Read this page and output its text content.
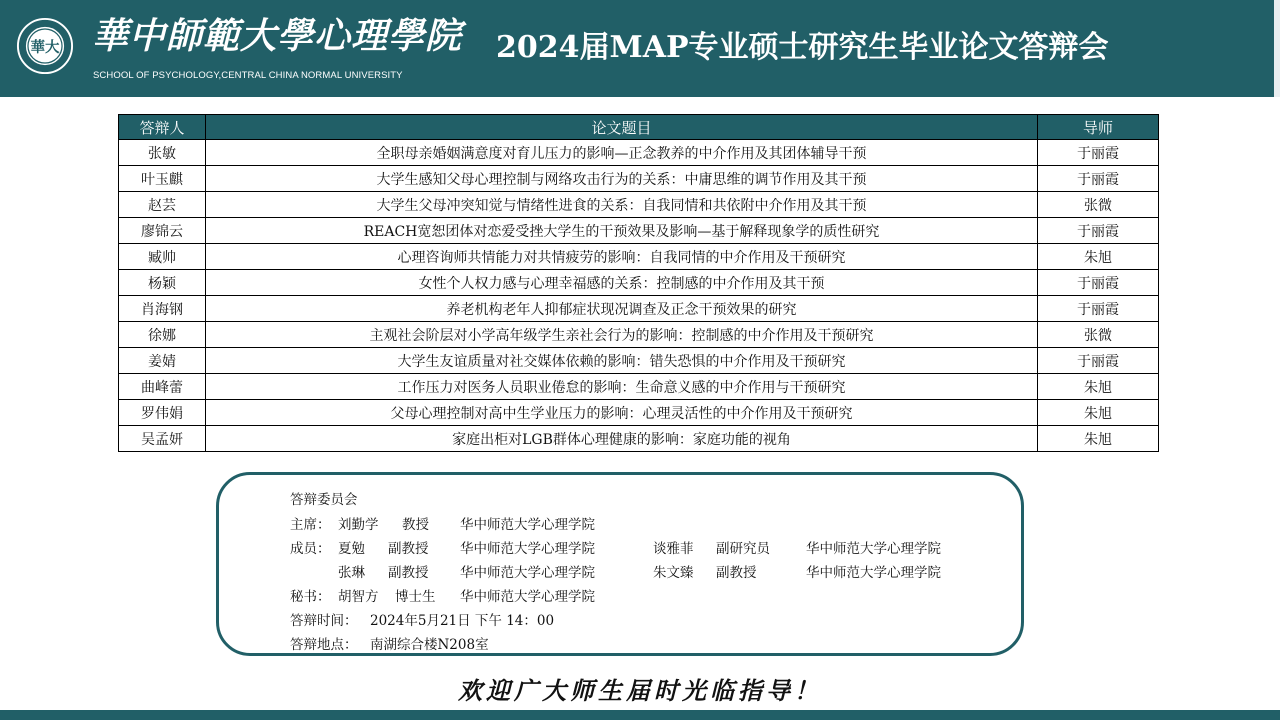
華大 華中師範大學心理學院
SCHOOL OF PSYCHOLOGY,CENTRAL CHINA NORMAL UNIVERSITY
2024届MAP专业硕士研究生毕业论文答辩会
答辩人	论文题目	导师
张敏	全职母亲婚姻满意度对育儿压力的影响—正念教养的中介作用及其团体辅导干预	于丽霞
叶玉麒	大学生感知父母心理控制与网络攻击行为的关系：中庸思维的调节作用及其干预	于丽霞
赵芸	大学生父母冲突知觉与情绪性进食的关系：自我同情和共依附中介作用及其干预	张微
廖锦云	REACH宽恕团体对恋爱受挫大学生的干预效果及影响—基于解释现象学的质性研究	于丽霞
臧帅	心理咨询师共情能力对共情疲劳的影响：自我同情的中介作用及干预研究	朱旭
杨颖	女性个人权力感与心理幸福感的关系：控制感的中介作用及其干预	于丽霞
肖海钢	养老机构老年人抑郁症状现况调查及正念干预效果的研究	于丽霞
徐娜	主观社会阶层对小学高年级学生亲社会行为的影响：控制感的中介作用及干预研究	张微
姜婧	大学生友谊质量对社交媒体依赖的影响：错失恐惧的中介作用及干预研究	于丽霞
曲峰蕾	工作压力对医务人员职业倦怠的影响：生命意义感的中介作用与干预研究	朱旭
罗伟娟	父母心理控制对高中生学业压力的影响：心理灵活性的中介作用及干预研究	朱旭
吴孟妍	家庭出柜对LGB群体心理健康的影响：家庭功能的视角	朱旭
答辩委员会
主席： 刘勤学 教授 华中师范大学心理学院
成员： 夏勉 副教授 华中师范大学心理学院	谈雅菲 副研究员	华中师范大学心理学院
张琳 副教授 华中师范大学心理学院	朱文臻 副教授	华中师范大学心理学院
秘书： 胡智方 博士生 华中师范大学心理学院
答辩时间： 2024年5月21日 下午 14：00
答辩地点： 南湖综合楼N208室
欢迎广大师生届时光临指导！
